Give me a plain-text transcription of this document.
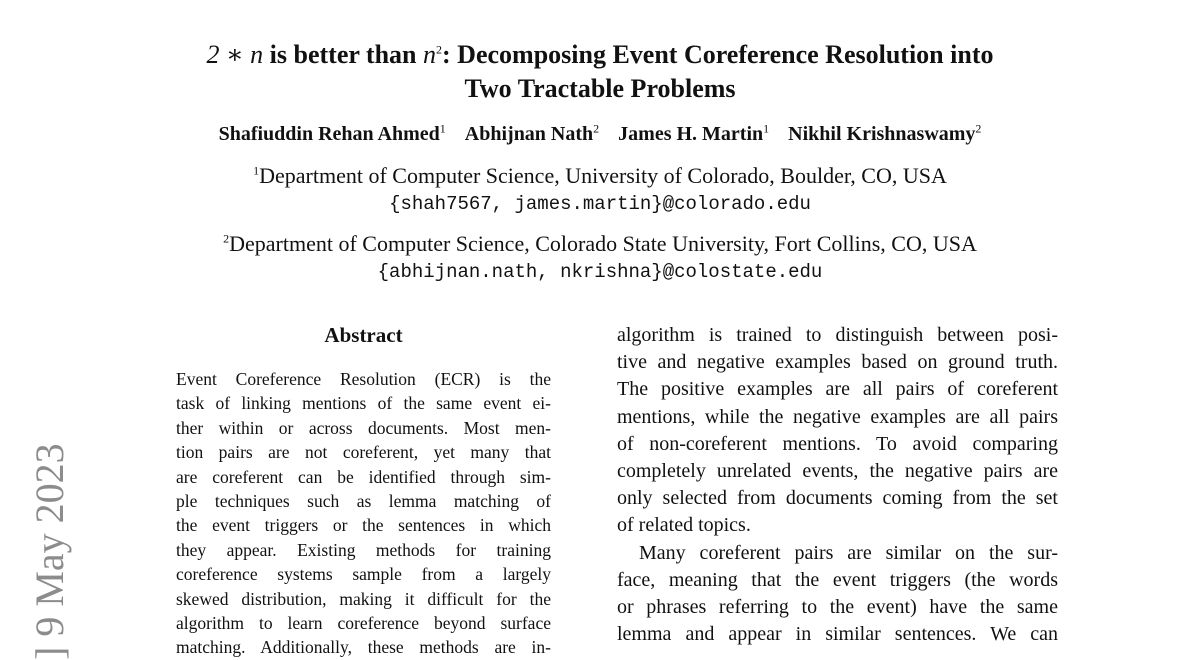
2 ∗ n is better than $n^2$: Decomposing Event Coreference Resolution into
Two Tractable Problems
Shafiuddin Rehan Ahmed$^1$ Abhijnan Nath$^2$ James H. Martin$^1$ Nikhil Krishnaswamy$^2$
$^1$Department of Computer Science, University of Colorado, Boulder, CO, USA
{shah7567, james.martin}@colorado.edu
$^2$Department of Computer Science, Colorado State University, Fort Collins, CO, USA
{abhijnan.nath, nkrishna}@colostate.edu
] 9 May 2023
Abstract
Event Coreference Resolution (ECR) is the
task of linking mentions of the same event ei-
ther within or across documents. Most men-
tion pairs are not coreferent, yet many that
are coreferent can be identified through sim-
ple techniques such as lemma matching of
the event triggers or the sentences in which
they appear. Existing methods for training
coreference systems sample from a largely
skewed distribution, making it difficult for the
algorithm to learn coreference beyond surface
matching. Additionally, these methods are in-
algorithm is trained to distinguish between posi-
tive and negative examples based on ground truth.
The positive examples are all pairs of coreferent
mentions, while the negative examples are all pairs
of non-coreferent mentions. To avoid comparing
completely unrelated events, the negative pairs are
only selected from documents coming from the set
of related topics.
Many coreferent pairs are similar on the sur-
face, meaning that the event triggers (the words
or phrases referring to the event) have the same
lemma and appear in similar sentences. We can
